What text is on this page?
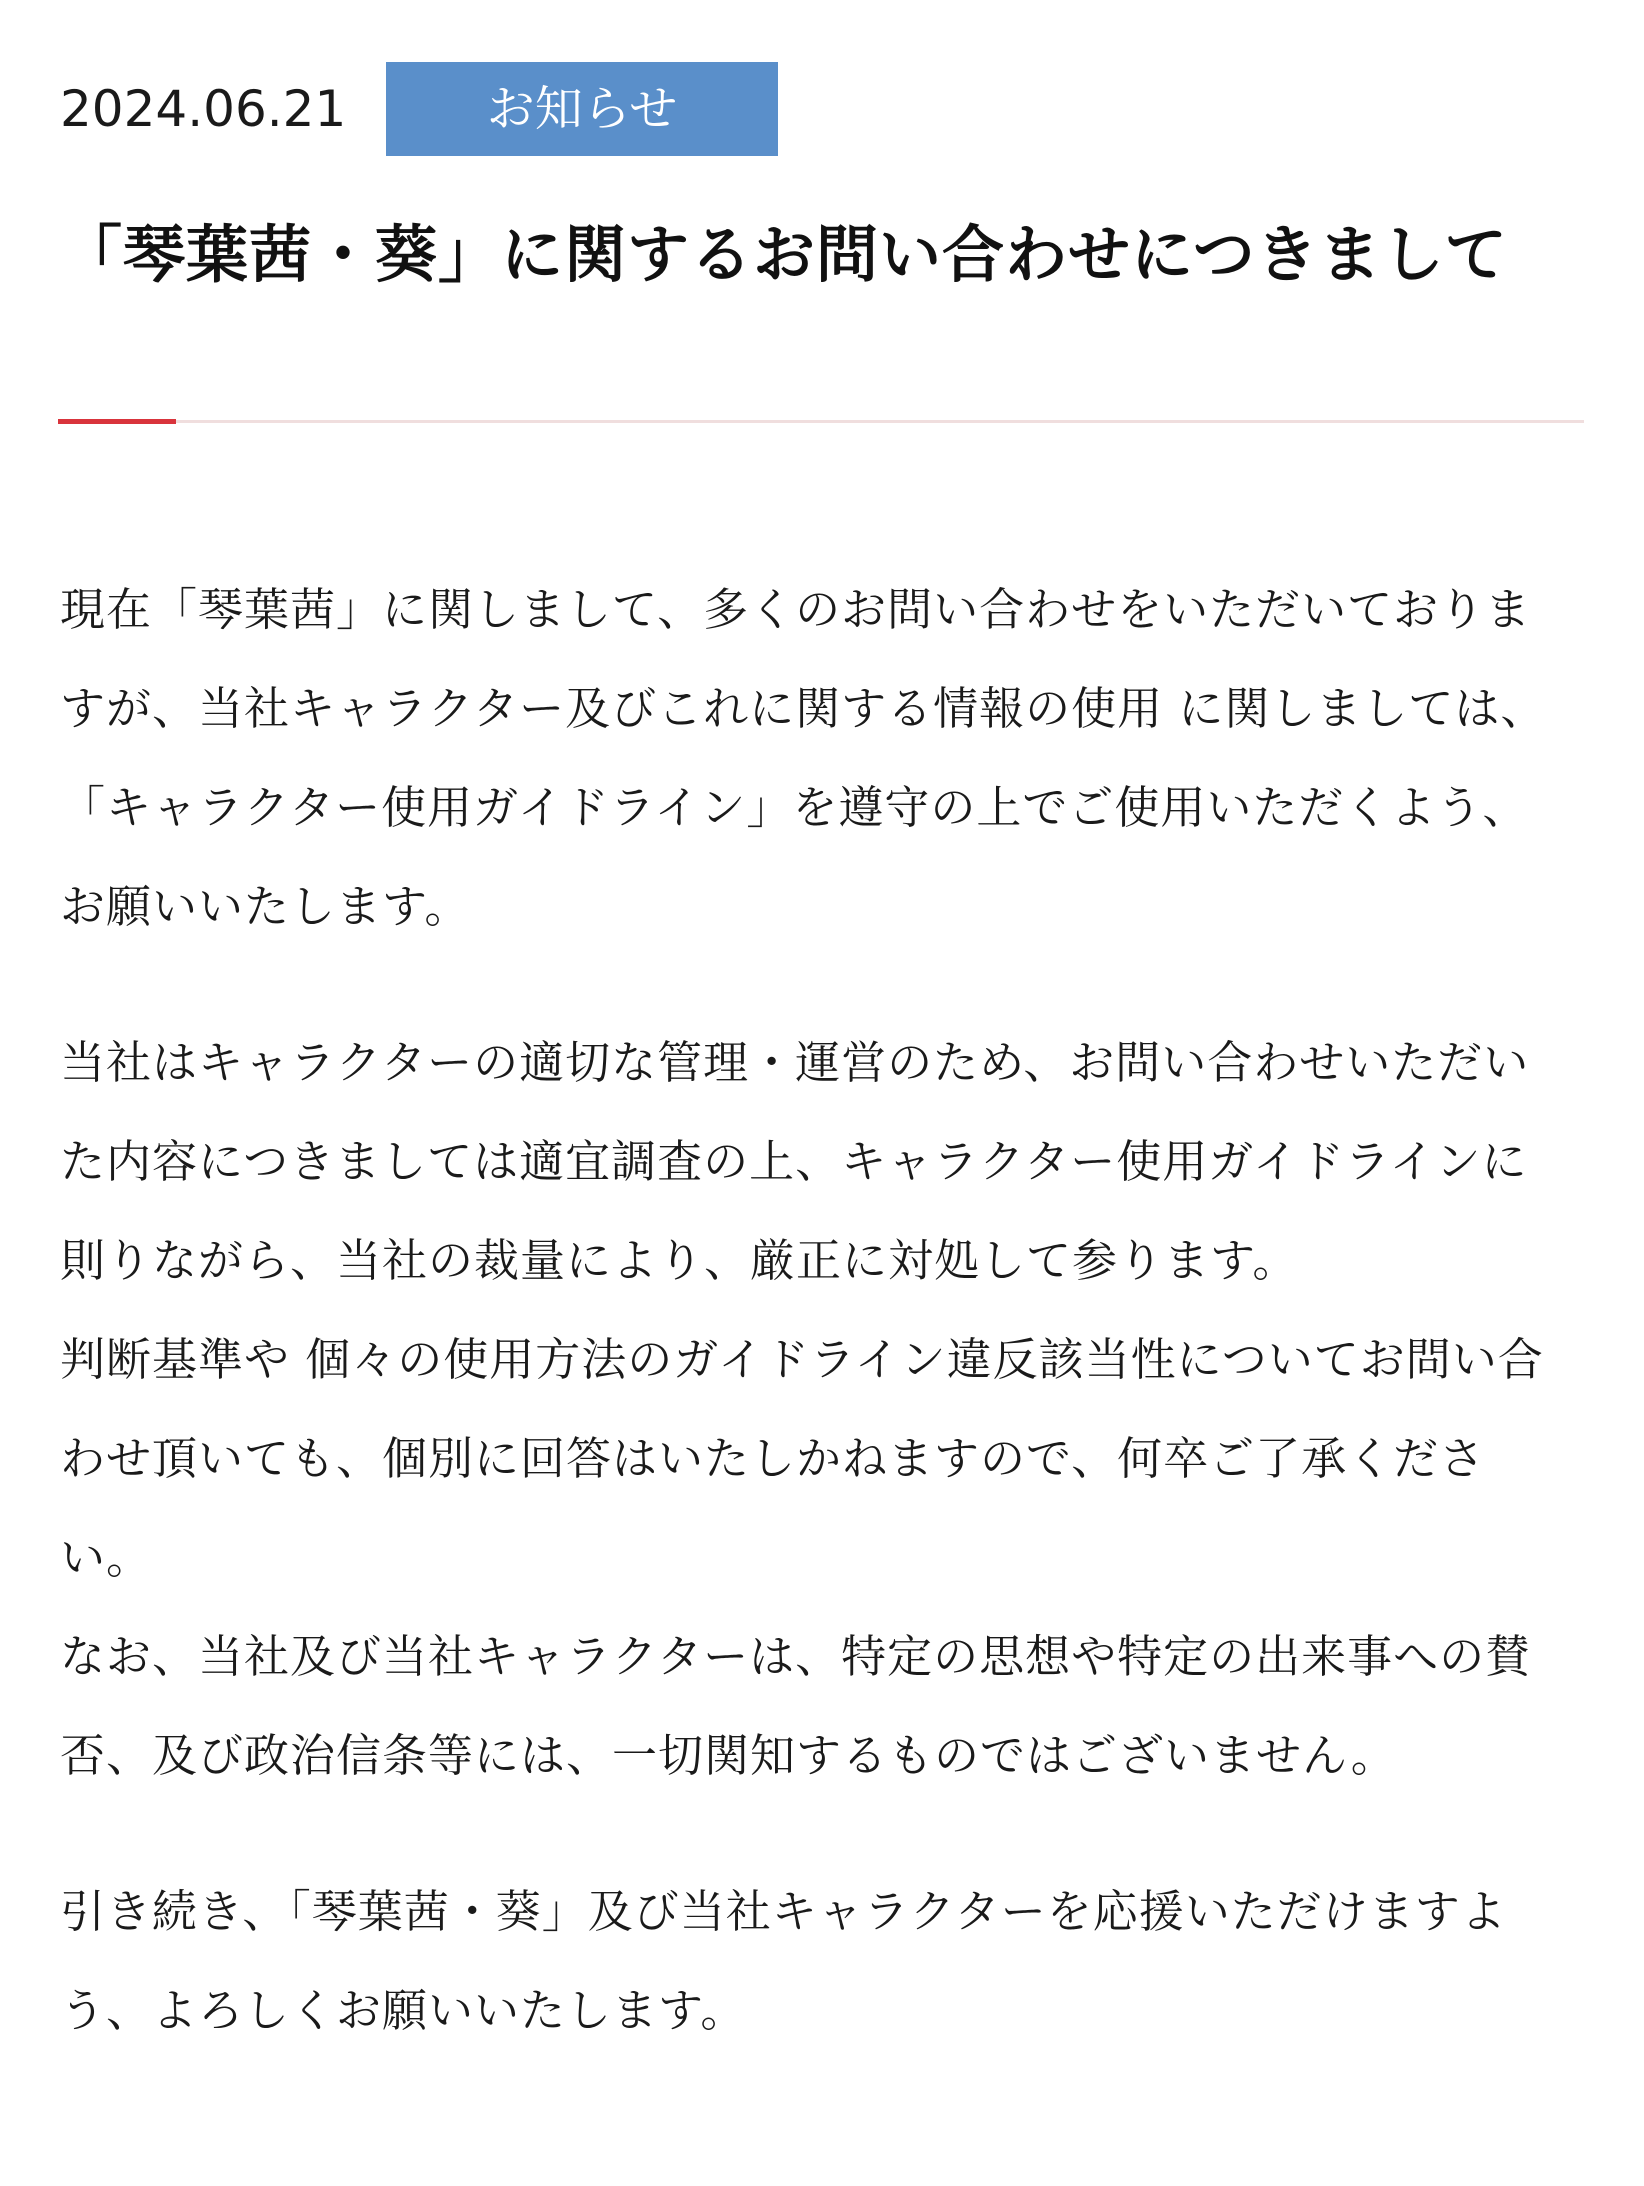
2024.06.21	お知らせ
「琴葉茜・葵」に関するお問い合わせにつきまして

現在「琴葉茜」に関しまして、多くのお問い合わせをいただいておりま
すが、当社キャラクター及びこれに関する情報の使用 に関しましては、
「キャラクター使用ガイドライン」を遵守の上でご使用いただくよう、
お願いいたします。

当社はキャラクターの適切な管理・運営のため、お問い合わせいただい
た内容につきましては適宜調査の上、キャラクター使用ガイドラインに
則りながら、当社の裁量により、厳正に対処して参ります。

判断基準や 個々の使用方法のガイドライン違反該当性についてお問い合
わせ頂いても、個別に回答はいたしかねますので、何卒ご了承くださ
い。

なお、当社及び当社キャラクターは、特定の思想や特定の出来事への賛
否、及び政治信条等には、一切関知するものではございません。

引き続き、「琴葉茜・葵」及び当社キャラクターを応援いただけますよ
う、よろしくお願いいたします。
